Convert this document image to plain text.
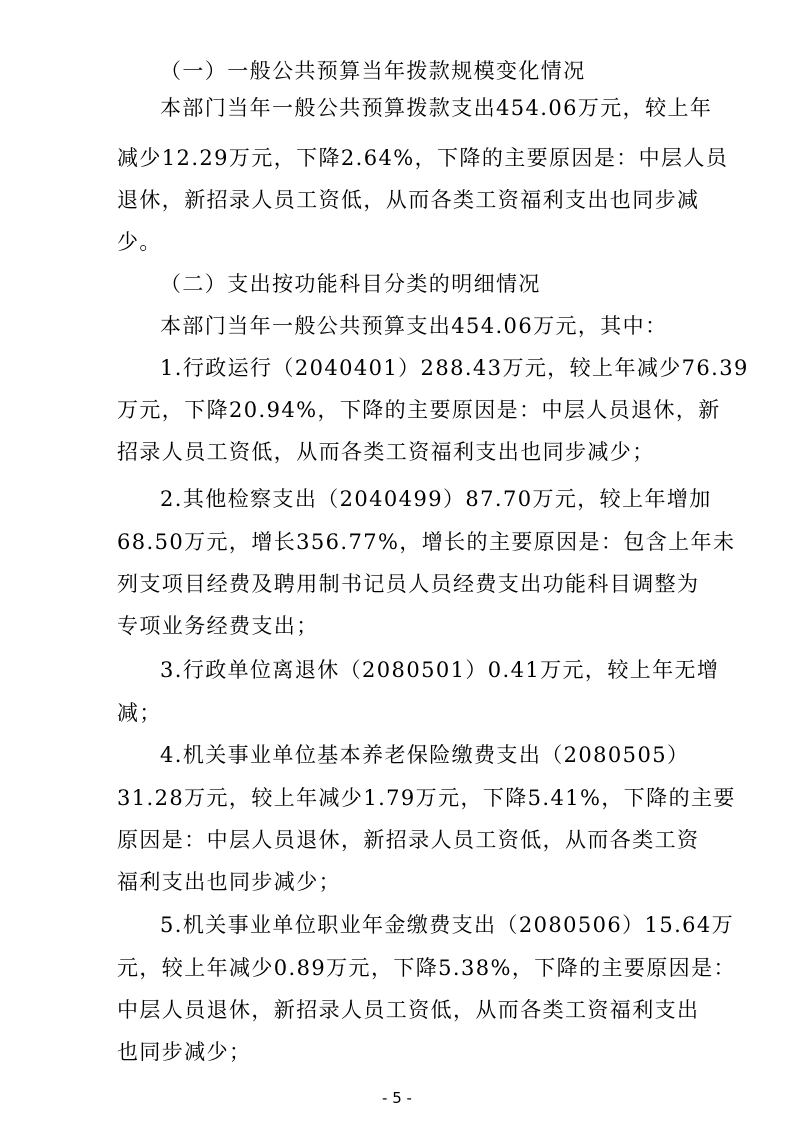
（一）一般公共预算当年拨款规模变化情况
本部门当年一般公共预算拨款支出454.06万元，较上年
减少12.29万元，下降2.64%，下降的主要原因是：中层人员
退休，新招录人员工资低，从而各类工资福利支出也同步减
少。
（二）支出按功能科目分类的明细情况
本部门当年一般公共预算支出454.06万元，其中：
1.行政运行（2040401）288.43万元，较上年减少76.39
万元，下降20.94%，下降的主要原因是：中层人员退休，新
招录人员工资低，从而各类工资福利支出也同步减少；
2.其他检察支出（2040499）87.70万元，较上年增加
68.50万元，增长356.77%，增长的主要原因是：包含上年未
列支项目经费及聘用制书记员人员经费支出功能科目调整为
专项业务经费支出；
3.行政单位离退休（2080501）0.41万元，较上年无增
减；
4.机关事业单位基本养老保险缴费支出（2080505）
31.28万元，较上年减少1.79万元，下降5.41%，下降的主要
原因是：中层人员退休，新招录人员工资低，从而各类工资
福利支出也同步减少；
5.机关事业单位职业年金缴费支出（2080506）15.64万
元，较上年减少0.89万元，下降5.38%，下降的主要原因是：
中层人员退休，新招录人员工资低，从而各类工资福利支出
也同步减少；
- 5 -
